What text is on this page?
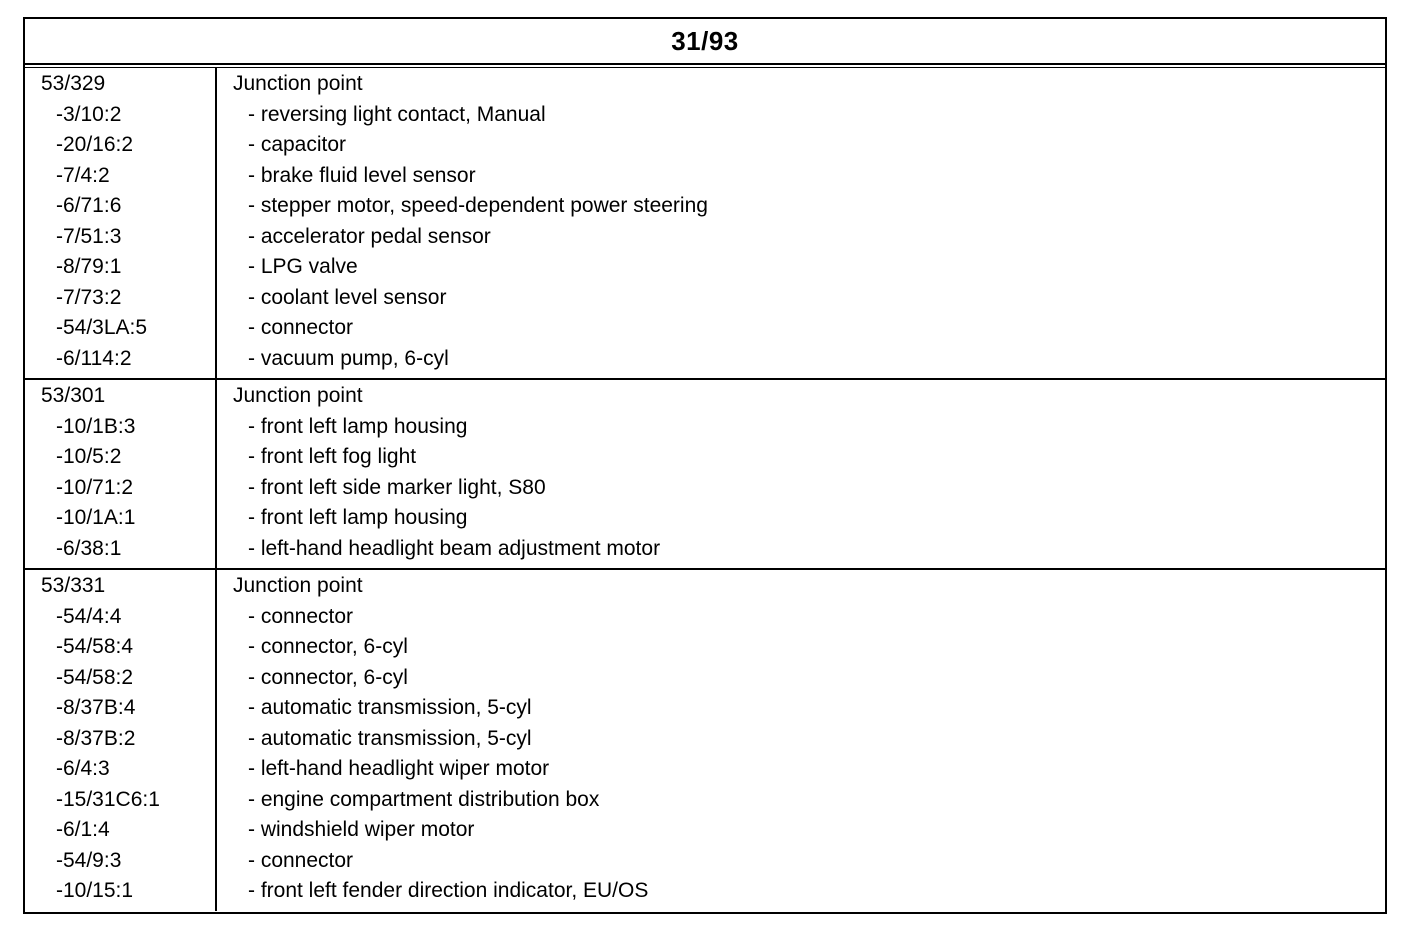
31/93
53/329
-3/10:2
-20/16:2
-7/4:2
-6/71:6
-7/51:3
-8/79:1
-7/73:2
-54/3LA:5
-6/114:2
Junction point
- reversing light contact, Manual
- capacitor
- brake fluid level sensor
- stepper motor, speed-dependent power steering
- accelerator pedal sensor
- LPG valve
- coolant level sensor
- connector
- vacuum pump, 6-cyl
53/301
-10/1B:3
-10/5:2
-10/71:2
-10/1A:1
-6/38:1
Junction point
- front left lamp housing
- front left fog light
- front left side marker light, S80
- front left lamp housing
- left-hand headlight beam adjustment motor
53/331
-54/4:4
-54/58:4
-54/58:2
-8/37B:4
-8/37B:2
-6/4:3
-15/31C6:1
-6/1:4
-54/9:3
-10/15:1
Junction point
- connector
- connector, 6-cyl
- connector, 6-cyl
- automatic transmission, 5-cyl
- automatic transmission, 5-cyl
- left-hand headlight wiper motor
- engine compartment distribution box
- windshield wiper motor
- connector
- front left fender direction indicator, EU/OS
